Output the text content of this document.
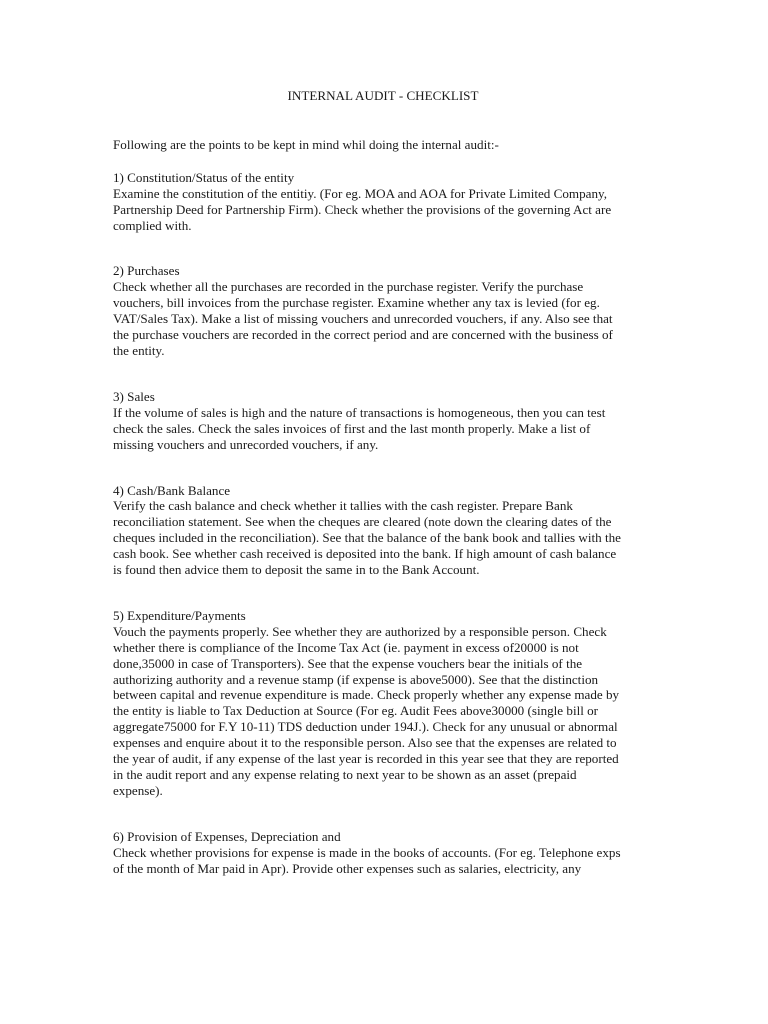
INTERNAL AUDIT - CHECKLIST
Following are the points to be kept in mind whil doing the internal audit:-
1) Constitution/Status of the entity
Examine the constitution of the entitiy. (For eg. MOA and AOA for Private Limited Company,
Partnership Deed for Partnership Firm). Check whether the provisions of the governing Act are
complied with.
2) Purchases
Check whether all the purchases are recorded in the purchase register. Verify the purchase
vouchers, bill invoices from the purchase register. Examine whether any tax is levied (for eg.
VAT/Sales Tax). Make a list of missing vouchers and unrecorded vouchers, if any. Also see that
the purchase vouchers are recorded in the correct period and are concerned with the business of
the entity.
3) Sales
If the volume of sales is high and the nature of transactions is homogeneous, then you can test
check the sales. Check the sales invoices of first and the last month properly. Make a list of
missing vouchers and unrecorded vouchers, if any.
4) Cash/Bank Balance
Verify the cash balance and check whether it tallies with the cash register. Prepare Bank
reconciliation statement. See when the cheques are cleared (note down the clearing dates of the
cheques included in the reconciliation). See that the balance of the bank book and tallies with the
cash book. See whether cash received is deposited into the bank. If high amount of cash balance
is found then advice them to deposit the same in to the Bank Account.
5) Expenditure/Payments
Vouch the payments properly. See whether they are authorized by a responsible person. Check
whether there is compliance of the Income Tax Act (ie. payment in excess of20000 is not
done,35000 in case of Transporters). See that the expense vouchers bear the initials of the
authorizing authority and a revenue stamp (if expense is above5000). See that the distinction
between capital and revenue expenditure is made. Check properly whether any expense made by
the entity is liable to Tax Deduction at Source (For eg. Audit Fees above30000 (single bill or
aggregate75000 for F.Y 10-11) TDS deduction under 194J.). Check for any unusual or abnormal
expenses and enquire about it to the responsible person. Also see that the expenses are related to
the year of audit, if any expense of the last year is recorded in this year see that they are reported
in the audit report and any expense relating to next year to be shown as an asset (prepaid
expense).
6) Provision of Expenses, Depreciation and
Check whether provisions for expense is made in the books of accounts. (For eg. Telephone exps
of the month of Mar paid in Apr). Provide other expenses such as salaries, electricity, any
